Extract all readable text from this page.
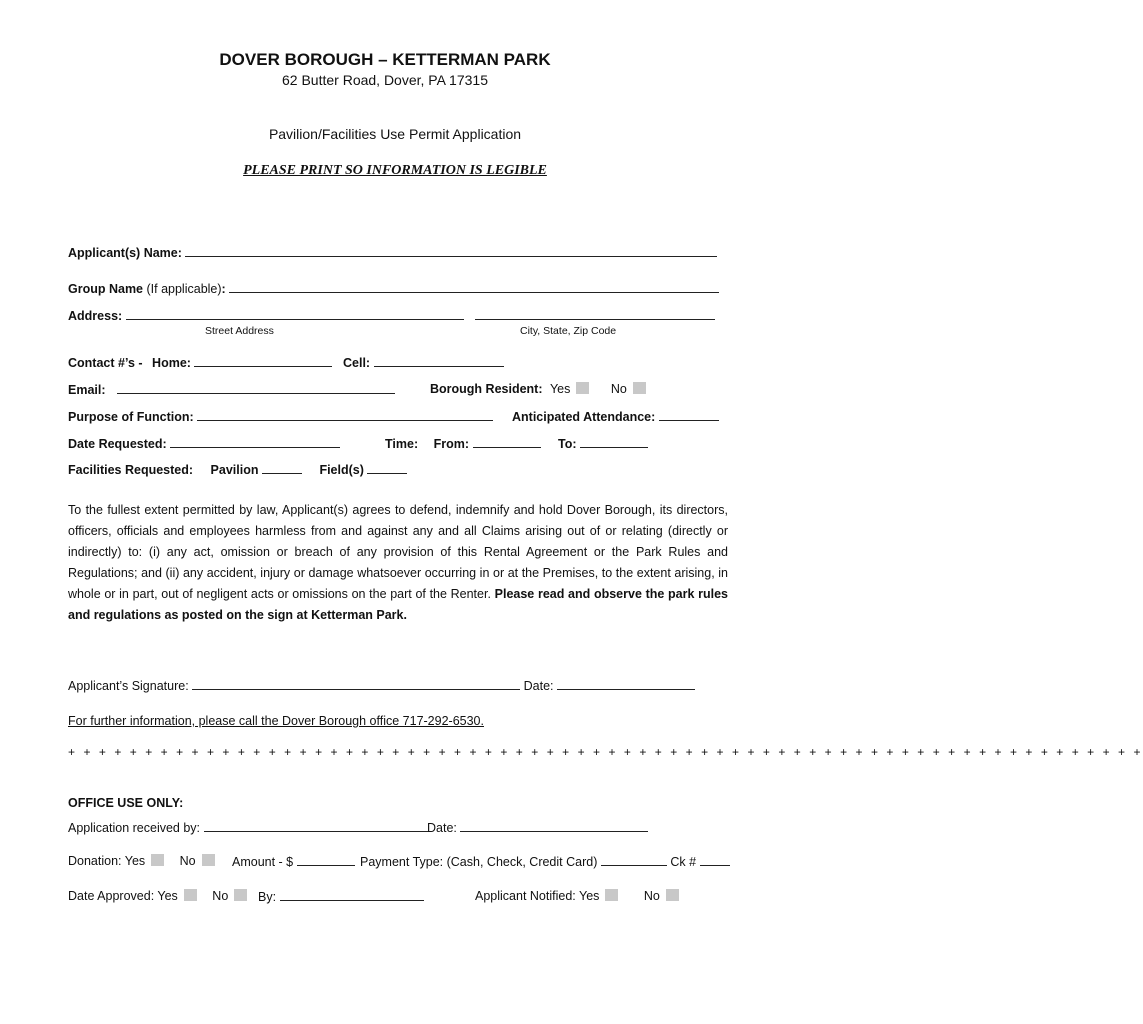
DOVER BOROUGH – KETTERMAN PARK
62 Butter Road, Dover, PA 17315
Pavilion/Facilities Use Permit Application
PLEASE PRINT SO INFORMATION IS LEGIBLE
Applicant(s) Name:
Group Name (If applicable):
Address:
Street Address	City, State, Zip Code
Contact #’s - Home:	Cell:
Email:	Borough Resident: Yes	No
Purpose of Function:	Anticipated Attendance:
Date Requested:	Time: From:	To:
Facilities Requested: Pavilion	Field(s)
To the fullest extent permitted by law, Applicant(s) agrees to defend, indemnify and hold Dover Borough, its directors, officers, officials and employees harmless from and against any and all Claims arising out of or relating (directly or indirectly) to: (i) any act, omission or breach of any provision of this Rental Agreement or the Park Rules and Regulations; and (ii) any accident, injury or damage whatsoever occurring in or at the Premises, to the extent arising, in whole or in part, out of negligent acts or omissions on the part of the Renter. Please read and observe the park rules and regulations as posted on the sign at Ketterman Park.
Applicant’s Signature:	Date:
For further information, please call the Dover Borough office 717-292-6530.
+ + + + + + + + + + + + + + + + + + + + + + + + + + + + + + + + + + + + + + + + + + + + + + + + + + + + + + + + + + + + + + + + + + + + + +
OFFICE USE ONLY:
Application received by:	Date:
Donation: Yes	No	Amount - $	Payment Type: (Cash, Check, Credit Card)	Ck #
Date Approved: Yes	No	By:	Applicant Notified: Yes	No
